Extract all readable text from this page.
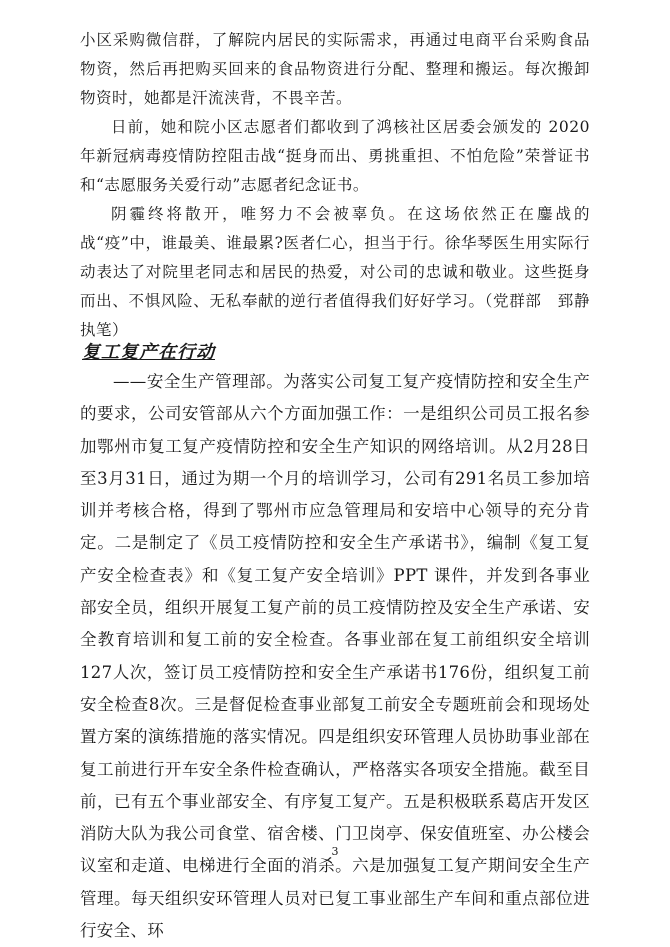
小区采购微信群，了解院内居民的实际需求，再通过电商平台采购食品物资，然后再把购买回来的食品物资进行分配、整理和搬运。每次搬卸物资时，她都是汗流浃背，不畏辛苦。

日前，她和院小区志愿者们都收到了鸿核社区居委会颁发的 2020 年新冠病毒疫情防控阻击战“挺身而出、勇挑重担、不怕危险”荣誉证书和“志愿服务关爱行动”志愿者纪念证书。

阴霾终将散开，唯努力不会被辜负。在这场依然正在鏖战的战“疫”中，谁最美、谁最累?医者仁心，担当于行。徐华琴医生用实际行动表达了对院里老同志和居民的热爱，对公司的忠诚和敬业。这些挺身而出、不惧风险、无私奉献的逆行者值得我们好好学习。（党群部　郅静执笔）

复工复产在行动

——安全生产管理部。为落实公司复工复产疫情防控和安全生产的要求，公司安管部从六个方面加强工作：一是组织公司员工报名参加鄂州市复工复产疫情防控和安全生产知识的网络培训。从2月28日至3月31日，通过为期一个月的培训学习，公司有291名员工参加培训并考核合格，得到了鄂州市应急管理局和安培中心领导的充分肯定。二是制定了《员工疫情防控和安全生产承诺书》，编制《复工复产安全检查表》和《复工复产安全培训》PPT 课件，并发到各事业部安全员，组织开展复工复产前的员工疫情防控及安全生产承诺、安全教育培训和复工前的安全检查。各事业部在复工前组织安全培训127人次，签订员工疫情防控和安全生产承诺书176份，组织复工前安全检查8次。三是督促检查事业部复工前安全专题班前会和现场处置方案的演练措施的落实情况。四是组织安环管理人员协助事业部在复工前进行开车安全条件检查确认，严格落实各项安全措施。截至目前，已有五个事业部安全、有序复工复产。五是积极联系葛店开发区消防大队为我公司食堂、宿舍楼、门卫岗亭、保安值班室、办公楼会议室和走道、电梯进行全面的消杀。六是加强复工复产期间安全生产管理。每天组织安环管理人员对已复工事业部生产车间和重点部位进行安全、环

3
